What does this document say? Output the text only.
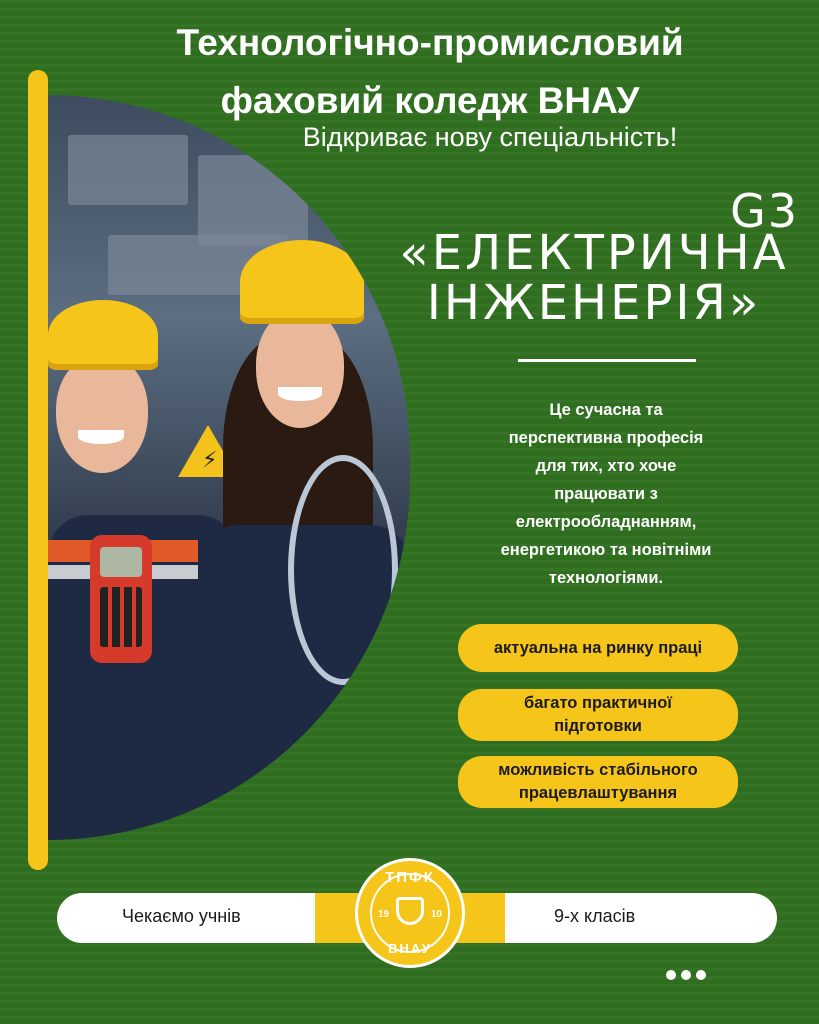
⚡
Технологічно-промисловий
фаховий коледж ВНАУ
Відкриває нову спеціальність!
G3
«ЕЛЕКТРИЧНА
ІНЖЕНЕРІЯ»
Це сучасна та
перспективна професія
для тих, хто хоче
працювати з
електрообладнанням,
енергетикою та новітніми
технологіями.
актуальна на ринку праці
багато практичної
підготовки
можливість стабільного
працевлаштування
Чекаємо учнів	9-х класів
ТПФК
19	10
ВНАУ
